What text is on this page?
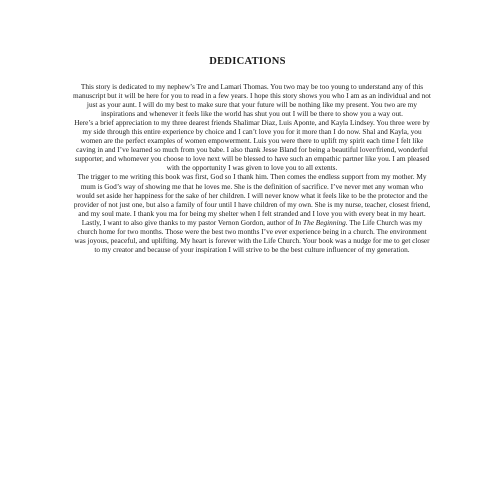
DEDICATIONS

This story is dedicated to my nephew’s Tre and Lamari Thomas. You two may be too young to understand any of this manuscript but it will be here for you to read in a few years. I hope this story shows you who I am as an individual and not just as your aunt. I will do my best to make sure that your future will be nothing like my present. You two are my inspirations and whenever it feels like the world has shut you out I will be there to show you a way out.

Here’s a brief appreciation to my three dearest friends Shalimar Diaz, Luis Aponte, and Kayla Lindsey. You three were by my side through this entire experience by choice and I can’t love you for it more than I do now. Shal and Kayla, you women are the perfect examples of women empowerment. Luis you were there to uplift my spirit each time I felt like caving in and I’ve learned so much from you babe. I also thank Jesse Bland for being a beautiful lover/friend, wonderful supporter, and whomever you choose to love next will be blessed to have such an empathic partner like you. I am pleased with the opportunity I was given to love you to all extents.

The trigger to me writing this book was first, God so I thank him. Then comes the endless support from my mother. My mum is God’s way of showing me that he loves me. She is the definition of sacrifice. I’ve never met any woman who would set aside her happiness for the sake of her children. I will never know what it feels like to be the protector and the provider of not just one, but also a family of four until I have children of my own. She is my nurse, teacher, closest friend, and my soul mate. I thank you ma for being my shelter when I felt stranded and I love you with every beat in my heart.

Lastly, I want to also give thanks to my pastor Vernon Gordon, author of In The Beginning. The Life Church was my church home for two months. Those were the best two months I’ve ever experience being in a church. The environment was joyous, peaceful, and uplifting. My heart is forever with the Life Church. Your book was a nudge for me to get closer to my creator and because of your inspiration I will strive to be the best culture influencer of my generation.
